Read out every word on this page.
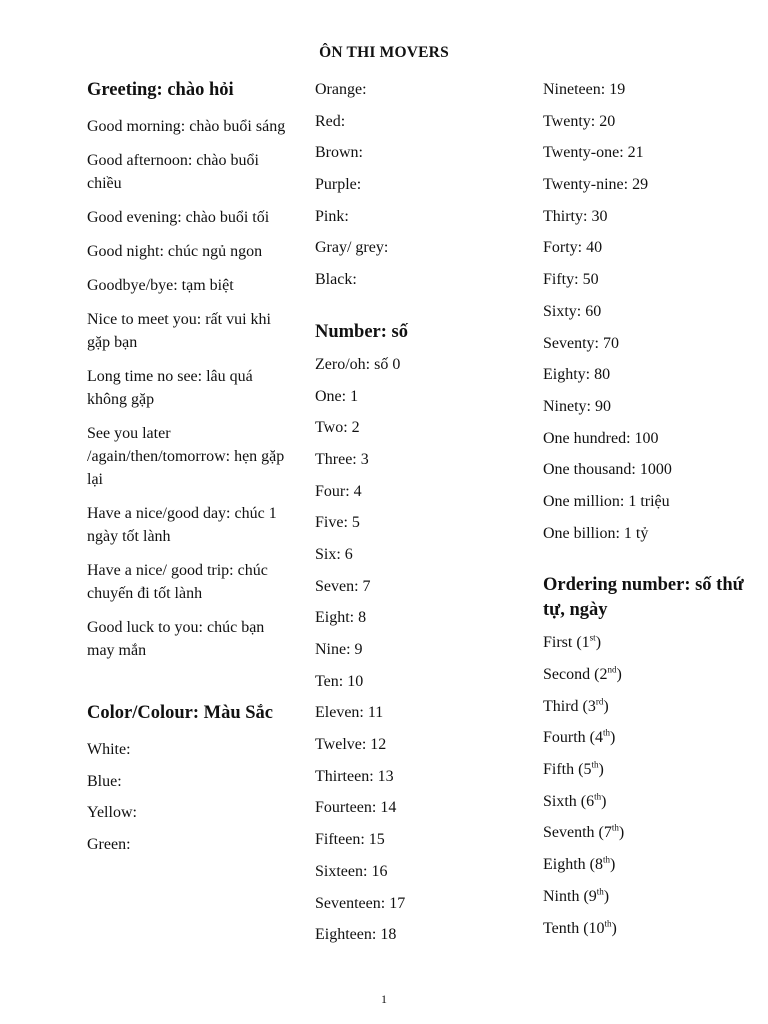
ÔN THI MOVERS
Greeting: chào hỏi
Good morning: chào buổi sáng
Good afternoon: chào buổi chiều
Good evening: chào buổi tối
Good night: chúc ngủ ngon
Goodbye/bye: tạm biệt
Nice to meet you: rất vui khi gặp bạn
Long time no see: lâu quá không gặp
See you later /again/then/tomorrow: hẹn gặp lại
Have a nice/good day: chúc 1 ngày tốt lành
Have a nice/ good trip: chúc chuyến đi tốt lành
Good luck to you: chúc bạn may mắn
Color/Colour: Màu Sắc
White:
Blue:
Yellow:
Green:
Orange:
Red:
Brown:
Purple:
Pink:
Gray/ grey:
Black:
Number: số
Zero/oh: số 0
One: 1
Two: 2
Three: 3
Four: 4
Five: 5
Six: 6
Seven: 7
Eight: 8
Nine: 9
Ten: 10
Eleven: 11
Twelve: 12
Thirteen: 13
Fourteen: 14
Fifteen: 15
Sixteen: 16
Seventeen: 17
Eighteen: 18
Nineteen: 19
Twenty: 20
Twenty-one: 21
Twenty-nine: 29
Thirty: 30
Forty: 40
Fifty: 50
Sixty: 60
Seventy: 70
Eighty: 80
Ninety: 90
One hundred: 100
One thousand: 1000
One million: 1 triệu
One billion: 1 tỷ
Ordering number: số thứ tự, ngày
First (1st)
Second (2nd)
Third (3rd)
Fourth (4th)
Fifth (5th)
Sixth (6th)
Seventh (7th)
Eighth (8th)
Ninth (9th)
Tenth (10th)
1
